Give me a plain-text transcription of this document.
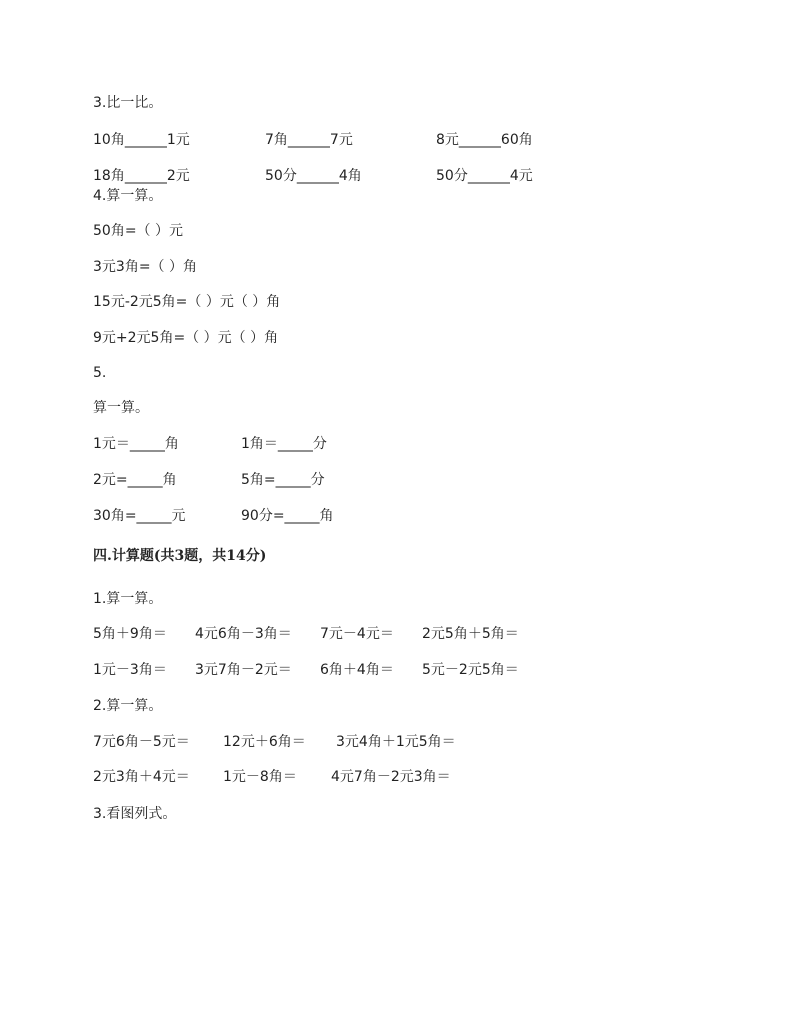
3.比一比。
10角______1元	7角______7元	8元______60角
18角______2元	50分______4角	50分______4元
4.算一算。
50角=（ ）元
3元3角=（ ）角
15元-2元5角=（ ）元（ ）角
9元+2元5角=（ ）元（ ）角
5.
算一算。
1元＝_____角	1角＝_____分
2元=_____角	5角=_____分
30角=_____元	90分=_____角
四.计算题(共3题，共14分)
1.算一算。
5角＋9角＝ 4元6角－3角＝ 7元－4元＝ 2元5角＋5角＝
1元－3角＝ 3元7角－2元＝ 6角＋4角＝ 5元－2元5角＝
2.算一算。
7元6角－5元＝ 12元＋6角＝ 3元4角＋1元5角＝
2元3角＋4元＝ 1元－8角＝ 4元7角－2元3角＝
3.看图列式。
